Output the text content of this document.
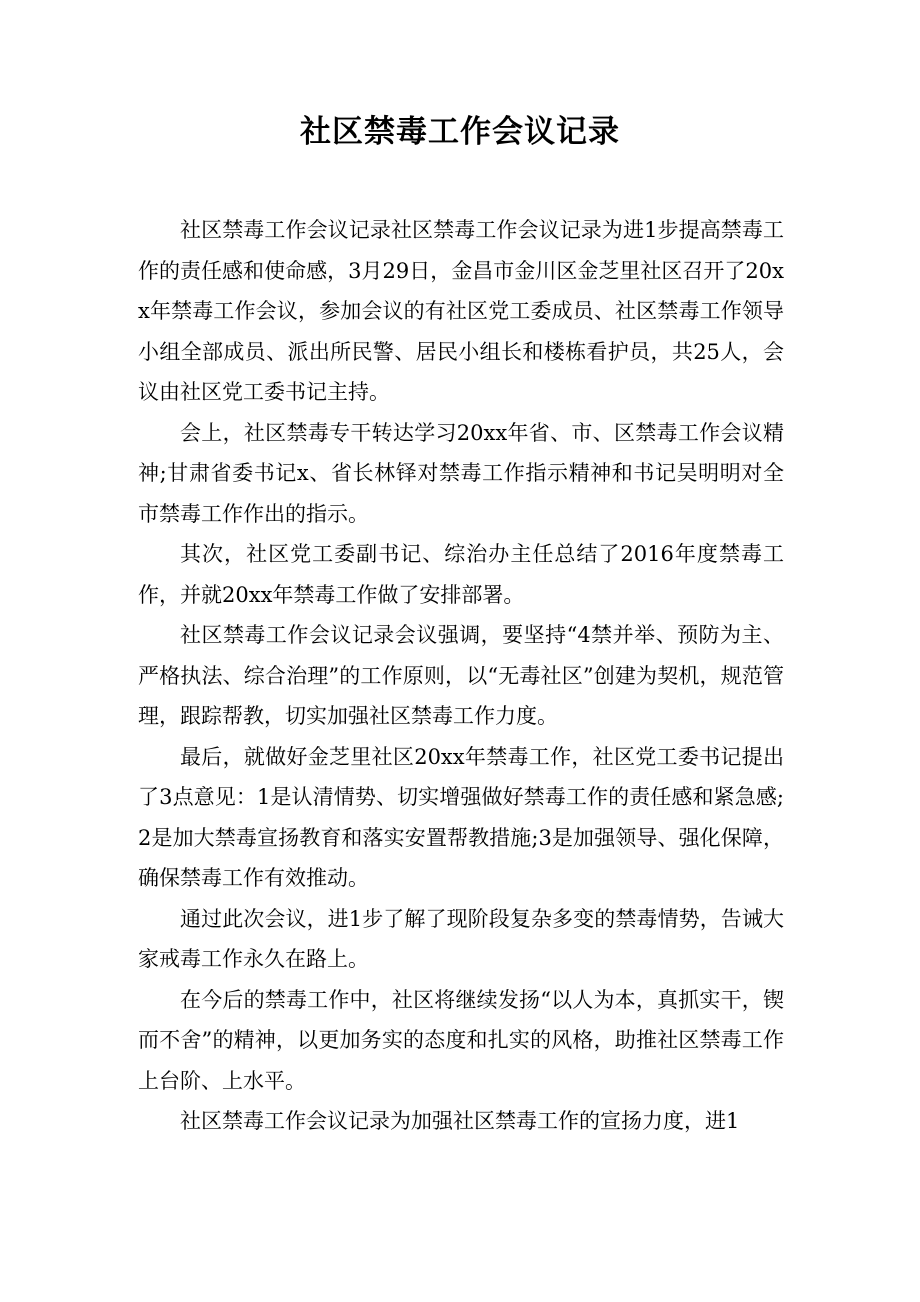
社区禁毒工作会议记录

社区禁毒工作会议记录社区禁毒工作会议记录为进1步提高禁毒工作的责任感和使命感，3月29日，金昌市金川区金芝里社区召开了20xx年禁毒工作会议，参加会议的有社区党工委成员、社区禁毒工作领导小组全部成员、派出所民警、居民小组长和楼栋看护员，共25人，会议由社区党工委书记主持。

会上，社区禁毒专干转达学习20xx年省、市、区禁毒工作会议精神;甘肃省委书记x、省长林铎对禁毒工作指示精神和书记吴明明对全市禁毒工作作出的指示。

其次，社区党工委副书记、综治办主任总结了2016年度禁毒工作，并就20xx年禁毒工作做了安排部署。

社区禁毒工作会议记录会议强调，要坚持“4禁并举、预防为主、严格执法、综合治理”的工作原则，以“无毒社区”创建为契机，规范管理，跟踪帮教，切实加强社区禁毒工作力度。

最后，就做好金芝里社区20xx年禁毒工作，社区党工委书记提出了3点意见：1是认清情势、切实增强做好禁毒工作的责任感和紧急感;2是加大禁毒宣扬教育和落实安置帮教措施;3是加强领导、强化保障，确保禁毒工作有效推动。

通过此次会议，进1步了解了现阶段复杂多变的禁毒情势，告诫大家戒毒工作永久在路上。

在今后的禁毒工作中，社区将继续发扬“以人为本，真抓实干，锲而不舍”的精神，以更加务实的态度和扎实的风格，助推社区禁毒工作上台阶、上水平。

社区禁毒工作会议记录为加强社区禁毒工作的宣扬力度，进1
